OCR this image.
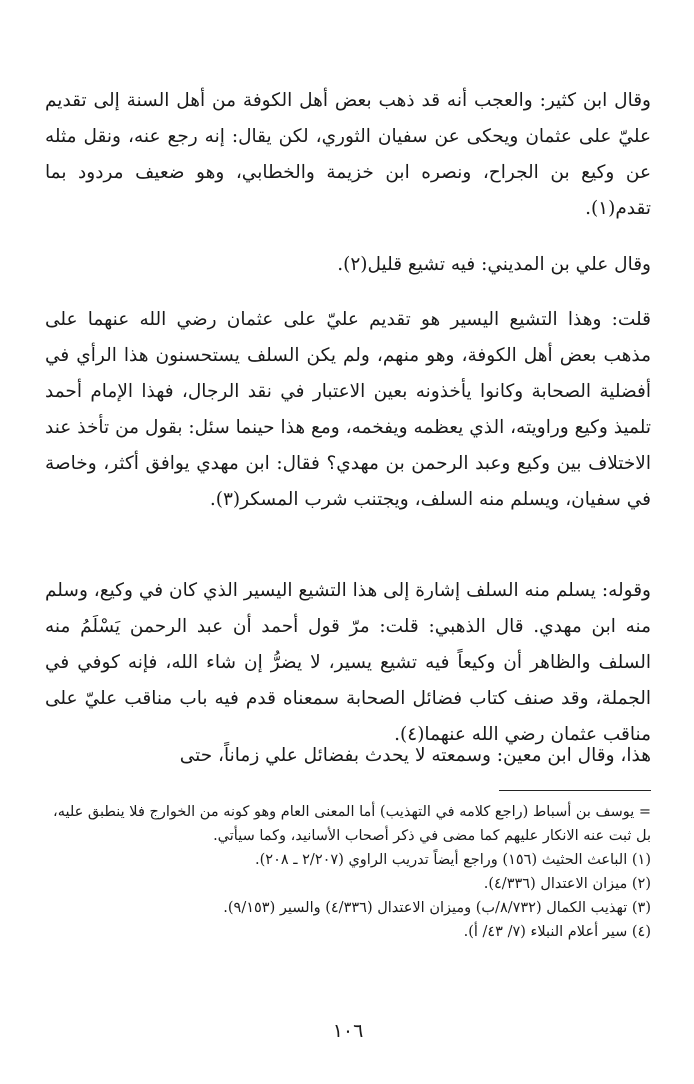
وقال ابن كثير: والعجب أنه قد ذهب بعض أهل الكوفة من أهل السنة إلى تقديم عليّ على عثمان ويحكى عن سفيان الثوري، لكن يقال: إنه رجع عنه، ونقل مثله عن وكيع بن الجراح، ونصره ابن خزيمة والخطابي، وهو ضعيف مردود بما تقدم(١).

وقال علي بن المديني: فيه تشيع قليل(٢).

قلت: وهذا التشيع اليسير هو تقديم عليّ على عثمان رضي الله عنهما على مذهب بعض أهل الكوفة، وهو منهم، ولم يكن السلف يستحسنون هذا الرأي في أفضلية الصحابة وكانوا يأخذونه بعين الاعتبار في نقد الرجال، فهذا الإمام أحمد تلميذ وكيع وراويته، الذي يعظمه ويفخمه، ومع هذا حينما سئل: بقول من تأخذ عند الاختلاف بين وكيع وعبد الرحمن بن مهدي؟ فقال: ابن مهدي يوافق أكثر، وخاصة في سفيان، ويسلم منه السلف، ويجتنب شرب المسكر(٣).

وقوله: يسلم منه السلف إشارة إلى هذا التشيع اليسير الذي كان في وكيع، وسلم منه ابن مهدي. قال الذهبي: قلت: مرّ قول أحمد أن عبد الرحمن يَسْلَمُ منه السلف والظاهر أن وكيعاً فيه تشيع يسير، لا يضرُّ إن شاء الله، فإنه كوفي في الجملة، وقد صنف كتاب فضائل الصحابة سمعناه قدم فيه باب مناقب عليّ على مناقب عثمان رضي الله عنهما(٤).

هذا، وقال ابن معين: وسمعته لا يحدث بفضائل علي زماناً، حتى

= يوسف بن أسباط (راجع كلامه في التهذيب) أما المعنى العام وهو كونه من الخوارج فلا ينطبق عليه، بل ثبت عنه الانكار عليهم كما مضى في ذكر أصحاب الأسانيد، وكما سيأتي.

(١) الباعث الحثيث (١٥٦) وراجع أيضاً تدريب الراوي (٢/٢٠٧ ـ ٢٠٨).

(٢) ميزان الاعتدال (٤/٣٣٦).

(٣) تهذيب الكمال (٨/٧٣٢/ب) وميزان الاعتدال (٤/٣٣٦) والسير (٩/١٥٣).

(٤) سير أعلام النبلاء (٧/ ٤٣/ أ).

١٠٦
